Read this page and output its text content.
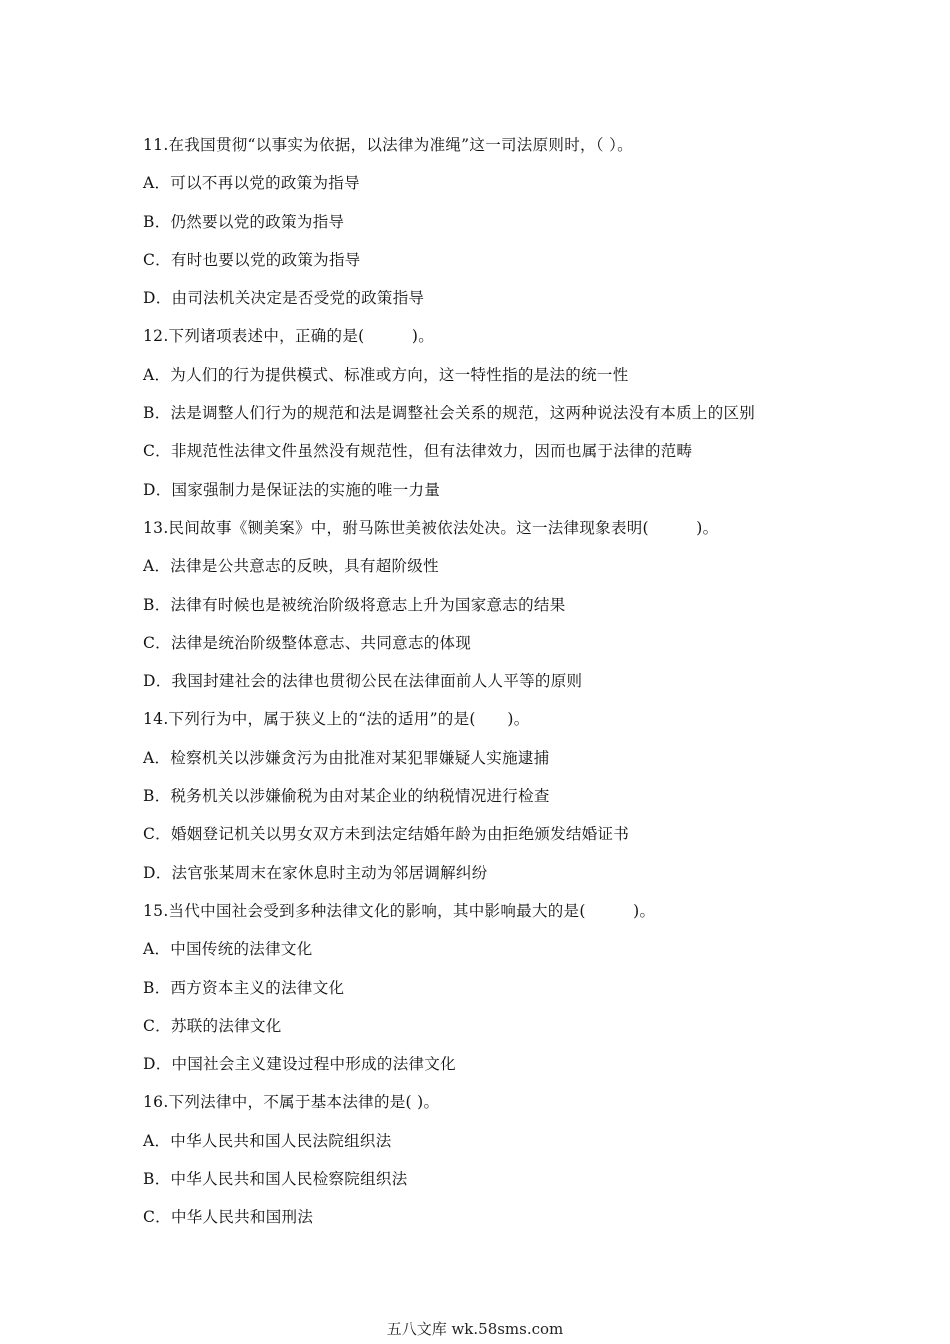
11.在我国贯彻“以事实为依据，以法律为准绳”这一司法原则时，（ ）。
A．可以不再以党的政策为指导
B．仍然要以党的政策为指导
C．有时也要以党的政策为指导
D．由司法机关决定是否受党的政策指导
12.下列诸项表述中，正确的是(　　　)。
A．为人们的行为提供模式、标准或方向，这一特性指的是法的统一性
B．法是调整人们行为的规范和法是调整社会关系的规范，这两种说法没有本质上的区别
C．非规范性法律文件虽然没有规范性，但有法律效力，因而也属于法律的范畴
D．国家强制力是保证法的实施的唯一力量
13.民间故事《铡美案》中，驸马陈世美被依法处决。这一法律现象表明(　　　)。
A．法律是公共意志的反映，具有超阶级性
B．法律有时候也是被统治阶级将意志上升为国家意志的结果
C．法律是统治阶级整体意志、共同意志的体现
D．我国封建社会的法律也贯彻公民在法律面前人人平等的原则
14.下列行为中，属于狭义上的“法的适用”的是(　　)。
A．检察机关以涉嫌贪污为由批准对某犯罪嫌疑人实施逮捕
B．税务机关以涉嫌偷税为由对某企业的纳税情况进行检查
C．婚姻登记机关以男女双方未到法定结婚年龄为由拒绝颁发结婚证书
D．法官张某周末在家休息时主动为邻居调解纠纷
15.当代中国社会受到多种法律文化的影响，其中影响最大的是(　　　)。
A．中国传统的法律文化
B．西方资本主义的法律文化
C．苏联的法律文化
D．中国社会主义建设过程中形成的法律文化
16.下列法律中，不属于基本法律的是( )。
A．中华人民共和国人民法院组织法
B．中华人民共和国人民检察院组织法
C．中华人民共和国刑法
五八文库 wk.58sms.com
